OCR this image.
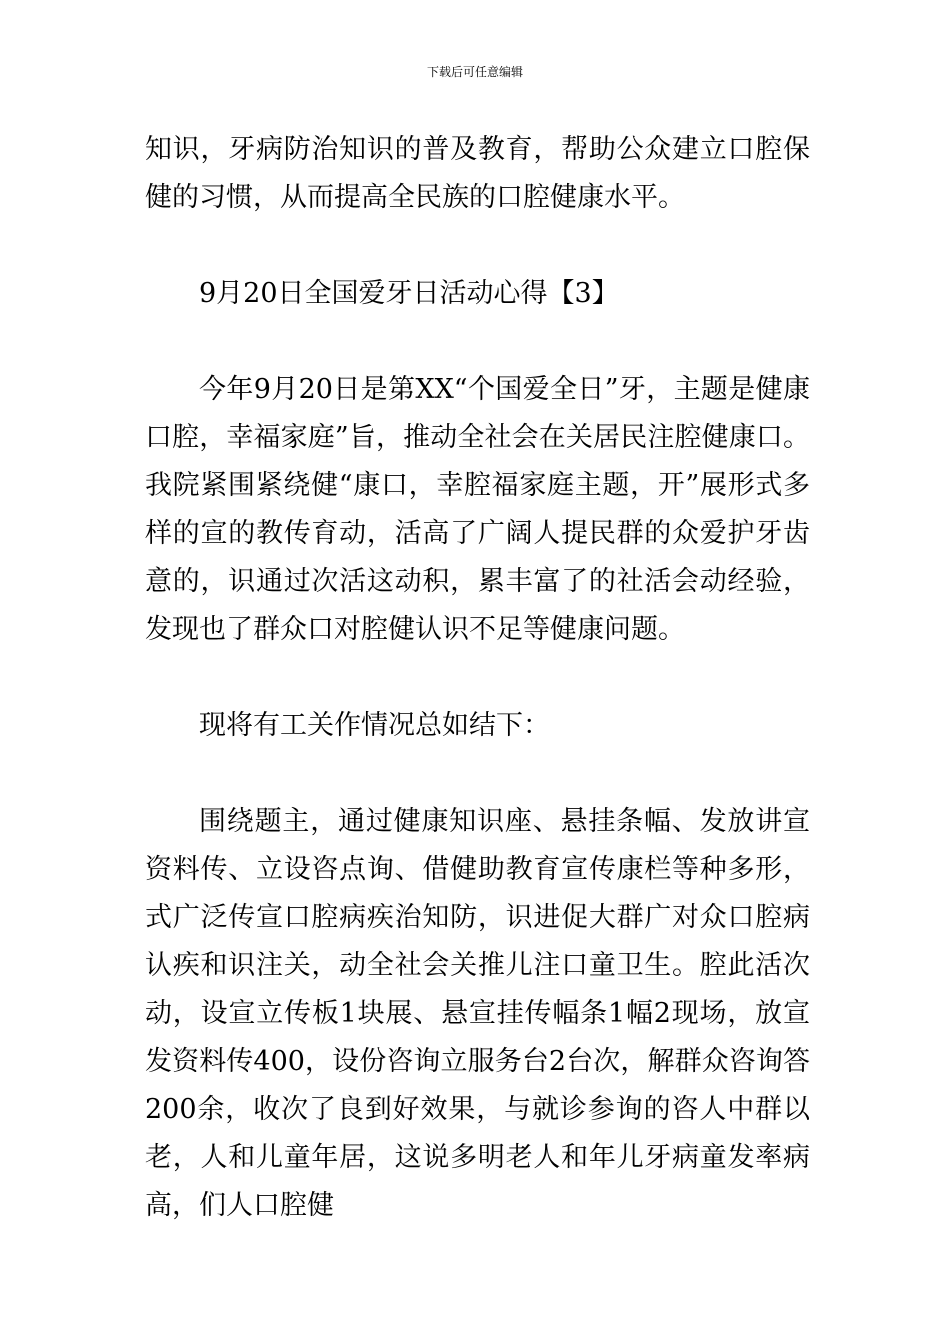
下载后可任意编辑

知识，牙病防治知识的普及教育，帮助公众建立口腔保健的习惯，从而提高全民族的口腔健康水平。

9月20日全国爱牙日活动心得【3】

今年9月20日是第XX“个国爱全日”牙，主题是健康口腔，幸福家庭”旨，推动全社会在关居民注腔健康口。我院紧围紧绕健“康口，幸腔福家庭主题，开”展形式多样的宣的教传育动，活高了广阔人提民群的众爱护牙齿意的，识通过次活这动积，累丰富了的社活会动经验，发现也了群众口对腔健认识不足等健康问题。

现将有工关作情况总如结下：

围绕题主，通过健康知识座、悬挂条幅、发放讲宣资料传、立设咨点询、借健助教育宣传康栏等种多形，式广泛传宣口腔病疾治知防，识进促大群广对众口腔病认疾和识注关，动全社会关推儿注口童卫生。腔此活次动，设宣立传板1块展、悬宣挂传幅条1幅2现场，放宣发资料传400，设份咨询立服务台2台次，解群众咨询答200余，收次了良到好效果，与就诊参询的咨人中群以老，人和儿童年居，这说多明老人和年儿牙病童发率病高，们人口腔健
